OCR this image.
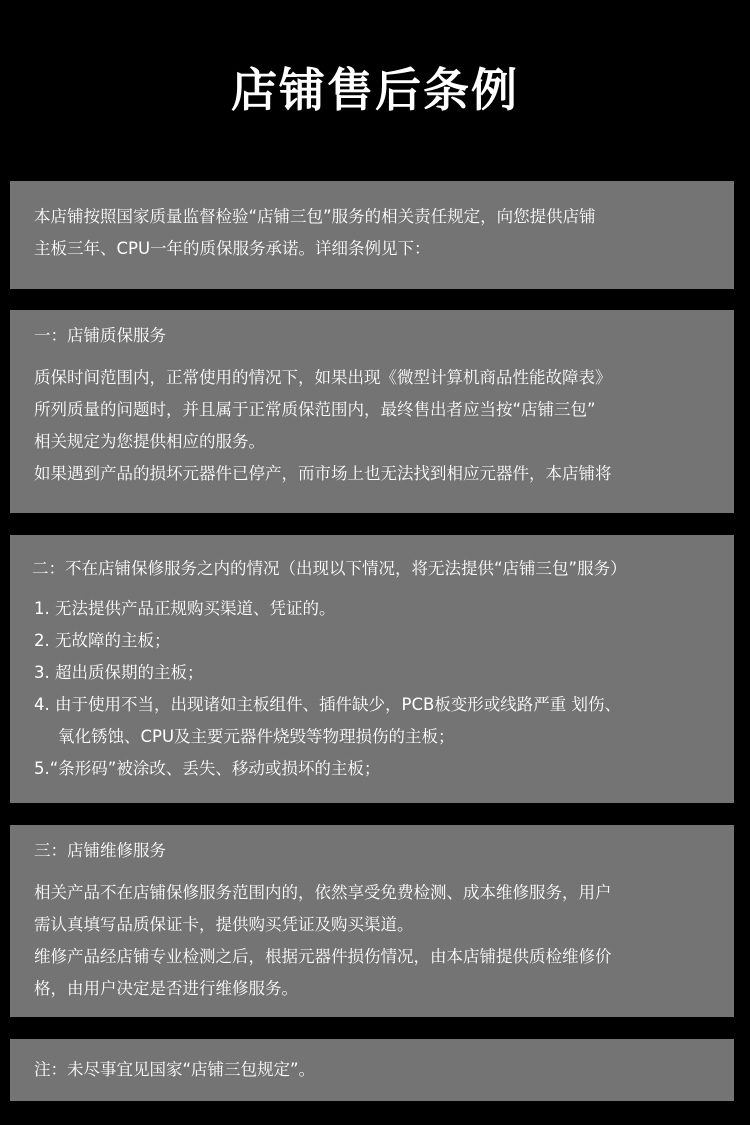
店铺售后条例
本店铺按照国家质量监督检验“店铺三包”服务的相关责任规定，向您提供店铺
主板三年、CPU一年的质保服务承诺。详细条例见下：
一：店铺质保服务
质保时间范围内，正常使用的情况下，如果出现《微型计算机商品性能故障表》
所列质量的问题时，并且属于正常质保范围内，最终售出者应当按“店铺三包”
相关规定为您提供相应的服务。
如果遇到产品的损坏元器件已停产，而市场上也无法找到相应元器件，本店铺将
二：不在店铺保修服务之内的情况（出现以下情况，将无法提供“店铺三包”服务）
1. 无法提供产品正规购买渠道、凭证的。
2. 无故障的主板；
3. 超出质保期的主板；
4. 由于使用不当，出现诸如主板组件、插件缺少，PCB板变形或线路严重 划伤、
氧化锈蚀、CPU及主要元器件烧毁等物理损伤的主板；
5.“条形码”被涂改、丢失、移动或损坏的主板；
三：店铺维修服务
相关产品不在店铺保修服务范围内的，依然享受免费检测、成本维修服务，用户
需认真填写品质保证卡，提供购买凭证及购买渠道。
维修产品经店铺专业检测之后，根据元器件损伤情况，由本店铺提供质检维修价
格，由用户决定是否进行维修服务。
注：未尽事宜见国家“店铺三包规定”。
